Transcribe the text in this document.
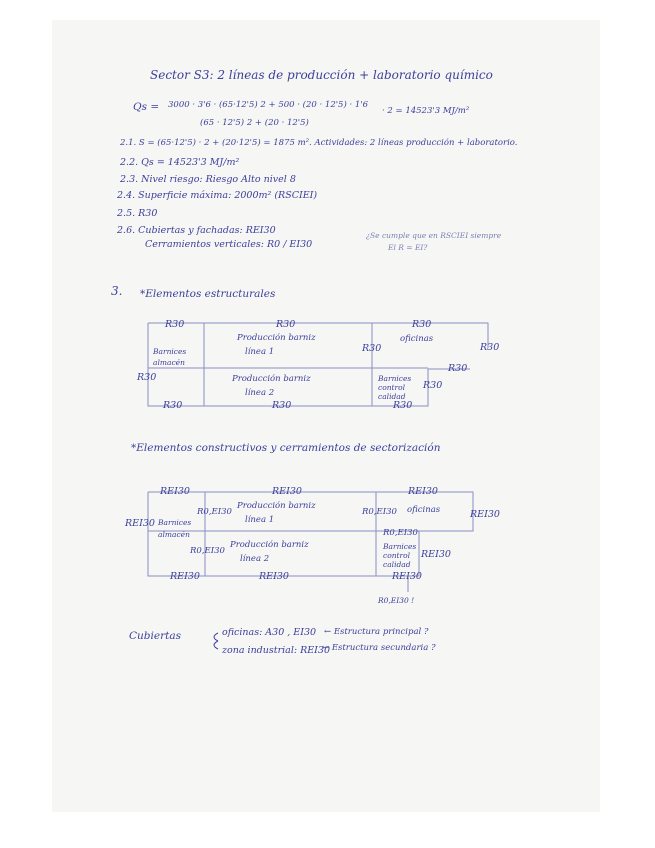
Sector S3: 2 líneas de producción + laboratorio químico
Qs = 3000 · 3'6 · (65·12'5) 2 + 500 · (20 · 12'5) · 1'6
(65 · 12'5) 2 + (20 · 12'5)
· 2 = 14523'3 MJ/m²
2.1. S = (65·12'5) · 2 + (20·12'5) = 1875 m². Actividades: 2 líneas producción + laboratorio.
2.2. Qs = 14523'3 MJ/m²
2.3. Nivel riesgo: Riesgo Alto nivel 8
2.4. Superficie máxima: 2000m² (RSCIEI)
2.5. R30
2.6. Cubiertas y fachadas: REI30
Cerramientos verticales: R0 / EI30
¿Se cumple que en RSCIEI siempre
El R = EI?
3. *Elementos estructurales
Barnices
almacén
Producción barniz
línea 1
Producción barniz
línea 2
oficinas
Barnices
control
calidad
R30	R30	R30
R30
R30
R30
R30
R30
R30	R30	R30
*Elementos constructivos y cerramientos de sectorización
Barnices
almacén
Producción barniz
línea 1
Producción barniz
línea 2
oficinas
Barnices
control
calidad
REI30	REI30	REI30
REI30
REI30
R0,EI30	R0,EI30
R0,EI30
R0,EI30	REI30
REI30	REI30	REI30
R0,EI30 !
Cubiertas	oficinas: A30 , EI30 ← Estructura principal ?
zona industrial: REI30
← Estructura secundaria ?
